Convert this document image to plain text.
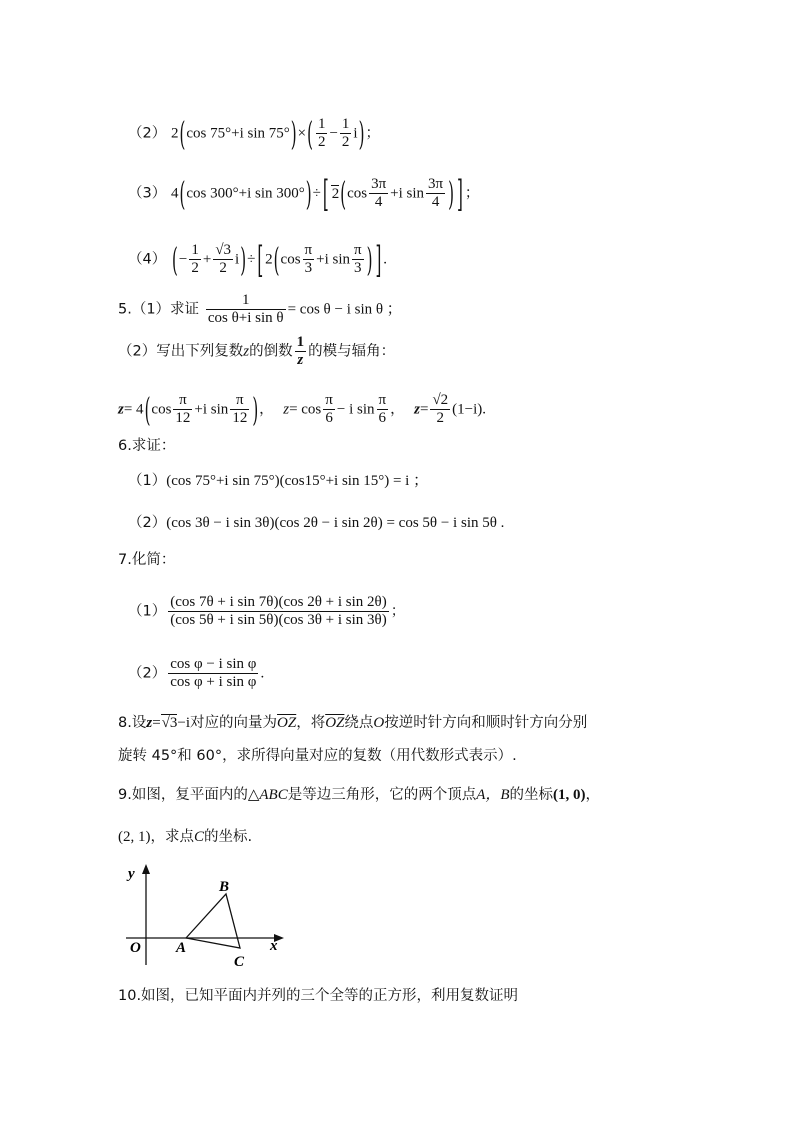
（2） 2(cos 75°+i $\sin 75^\circ)\times( \frac{1}{2} - \frac{1}{2} i)$；
（3） 4(cos 300°+i sin 300°)÷ [ $2(\cos \frac{3\pi}{4} +i$ $\sin \frac{3\pi}{4}$ ) ] ；
（4） (− $\frac{1}{2} + \frac{√3}{2} i)\div$ [ $2(\cos \frac{\pi}{3} +i$ $\sin \frac{\pi}{3}$ ) ] .
5.（1）求证 $\frac{1}{\text{cos θ+i sin θ}} = \cos \theta - i$ sin θ ；
（2）写出下列复数z的倒数 $\frac{1}{z}$ 的模与辐角：
$z= 4(\cos \frac{\pi}{12} +i$ $\sin \frac{\pi}{12}$ )， $z= \cos \frac{\pi}{6} - i$ $\sin \frac{\pi}{6}$ ， $z= \frac{√2}{2} (1-i)$.
6.求证：
（1）(cos 75°+i sin 75°)(cos15°+i sin 15°) = i ；
（2）(cos 3θ − i sin 3θ)(cos 2θ − i sin 2θ) = cos 5θ − i sin 5θ .
7.化简：
$(1) \frac{\text{(cos 7θ + i sin 7θ)(cos 2θ + i sin 2θ)}}{\text{(cos 5θ + i sin 5θ)(cos 3θ + i sin 3θ)}}$ ；
$(2) \frac{\text{cos φ − i sin φ}}{\text{cos φ + i sin φ}}$ .
8.设z=√3−i对应的向量为$\overline{OZ}$，将$\overline{OZ}$绕点O按逆时针方向和顺时针方向分别
旋转 45°和 60°，求所得向量对应的复数（用代数形式表示）.
9.如图，复平面内的△ABC是等边三角形，它的两个顶点A，B的坐标(1, 0)，
(2, 1)，求点C的坐标.
y
x
O A
B
C
10.如图，已知平面内并列的三个全等的正方形，利用复数证明
